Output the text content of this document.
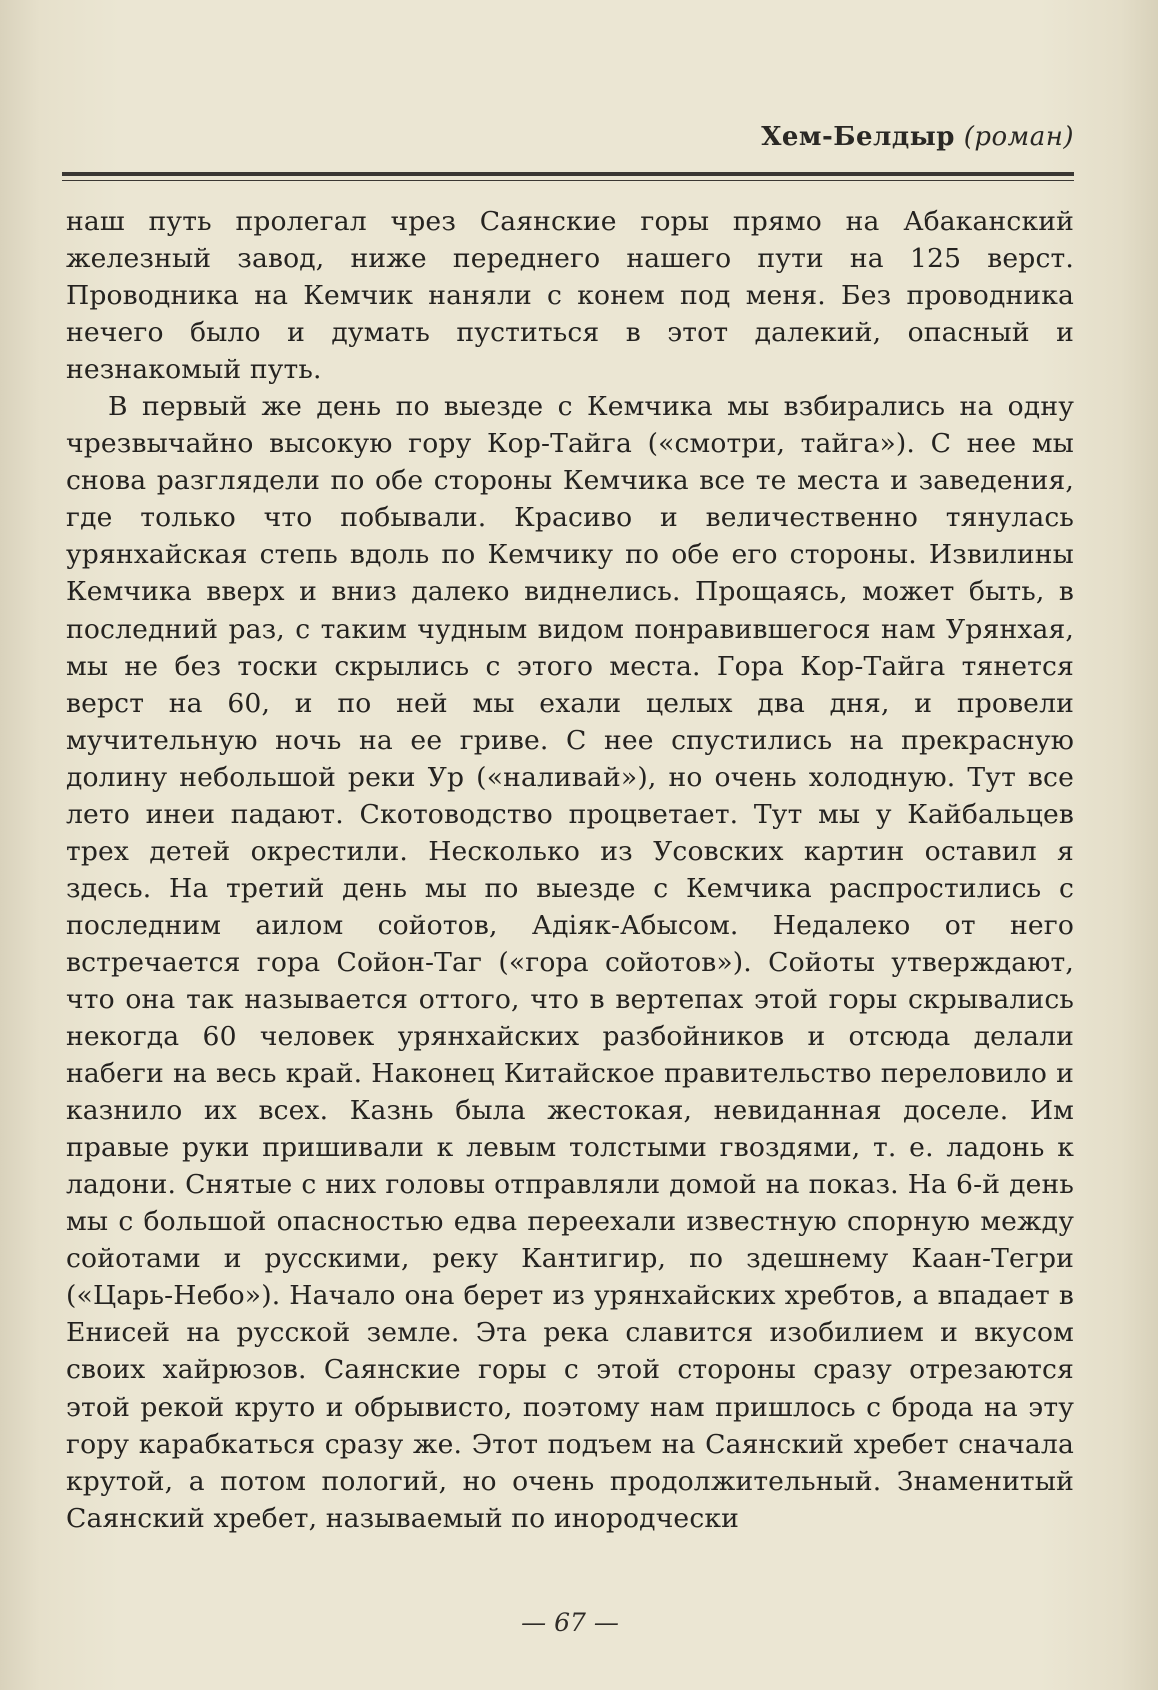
Хем-Белдыр (роман)

наш путь пролегал чрез Саянские горы прямо на Абаканский железный завод, ниже переднего нашего пути на 125 верст. Проводника на Кемчик наняли с конем под меня. Без проводника нечего было и думать пуститься в этот далекий, опасный и незнакомый путь.

В первый же день по выезде с Кемчика мы взбирались на одну чрезвычайно высокую гору Кор-Тайга («смотри, тайга»). С нее мы снова разглядели по обе стороны Кемчика все те места и заведения, где только что побывали. Красиво и величественно тянулась урянхайская степь вдоль по Кемчику по обе его стороны. Извилины Кемчика вверх и вниз далеко виднелись. Прощаясь, может быть, в последний раз, с таким чудным видом понравившегося нам Урянхая, мы не без тоски скрылись с этого места. Гора Кор-Тайга тянется верст на 60, и по ней мы ехали целых два дня, и провели мучительную ночь на ее гриве. С нее спустились на прекрасную долину небольшой реки Ур («наливай»), но очень холодную. Тут все лето инеи падают. Скотоводство процветает. Тут мы у Кайбальцев трех детей окрестили. Несколько из Усовских картин оставил я здесь. На третий день мы по выезде с Кемчика распростились с последним аилом сойотов, Адіяк-Абысом. Недалеко от него встречается гора Сойон-Таг («гора сойотов»). Сойоты утверждают, что она так называется оттого, что в вертепах этой горы скрывались некогда 60 человек урянхайских разбойников и отсюда делали набеги на весь край. Наконец Китайское правительство переловило и казнило их всех. Казнь была жестокая, невиданная доселе. Им правые руки пришивали к левым толстыми гвоздями, т. е. ладонь к ладони. Снятые с них головы отправляли домой на показ. На 6-й день мы с большой опасностью едва переехали известную спорную между сойотами и русскими, реку Кантигир, по здешнему Каан-Тегри («Царь-Небо»). Начало она берет из урянхайских хребтов, а впадает в Енисей на русской земле. Эта река славится изобилием и вкусом своих хайрюзов. Саянские горы с этой стороны сразу отрезаются этой рекой круто и обрывисто, поэтому нам пришлось с брода на эту гору карабкаться сразу же. Этот подъем на Саянский хребет сначала крутой, а потом пологий, но очень продолжительный. Знаменитый Саянский хребет, называемый по инородчески

— 67 —
